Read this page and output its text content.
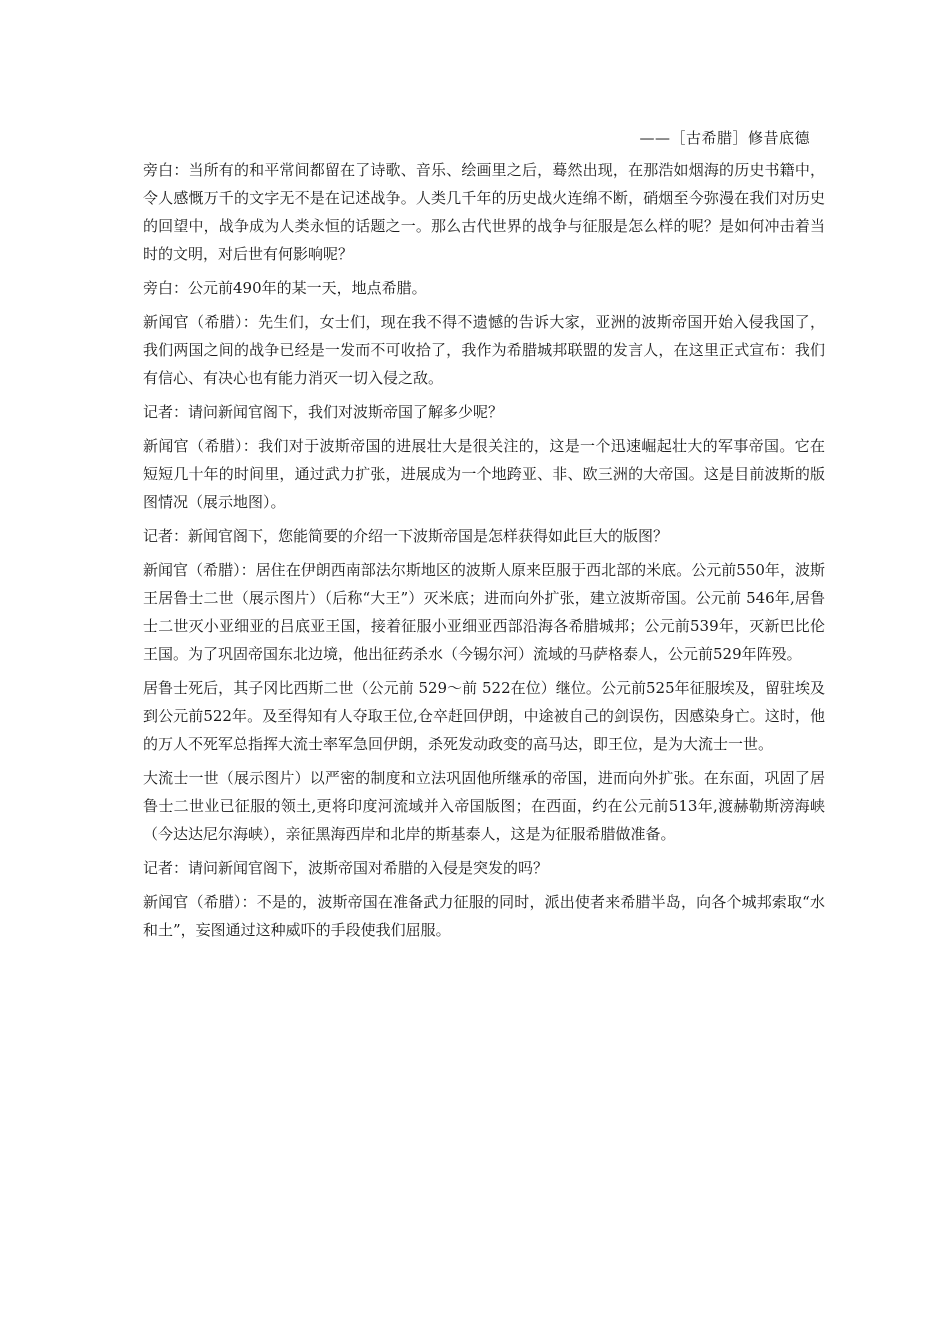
——［古希腊］修昔底德

旁白：当所有的和平常间都留在了诗歌、音乐、绘画里之后，蓦然出现，在那浩如烟海的历史书籍中，令人感慨万千的文字无不是在记述战争。人类几千年的历史战火连绵不断，硝烟至今弥漫在我们对历史的回望中，战争成为人类永恒的话题之一。那么古代世界的战争与征服是怎么样的呢？是如何冲击着当时的文明，对后世有何影响呢？

旁白：公元前490年的某一天，地点希腊。

新闻官（希腊）：先生们，女士们，现在我不得不遗憾的告诉大家，亚洲的波斯帝国开始入侵我国了，我们两国之间的战争已经是一发而不可收拾了，我作为希腊城邦联盟的发言人，在这里正式宣布：我们有信心、有决心也有能力消灭一切入侵之敌。

记者：请问新闻官阁下，我们对波斯帝国了解多少呢？

新闻官（希腊）：我们对于波斯帝国的进展壮大是很关注的，这是一个迅速崛起壮大的军事帝国。它在短短几十年的时间里，通过武力扩张，进展成为一个地跨亚、非、欧三洲的大帝国。这是目前波斯的版图情况（展示地图）。

记者：新闻官阁下，您能简要的介绍一下波斯帝国是怎样获得如此巨大的版图？

新闻官（希腊）：居住在伊朗西南部法尔斯地区的波斯人原来臣服于西北部的米底。公元前550年，波斯王居鲁士二世（展示图片）（后称“大王”）灭米底；进而向外扩张，建立波斯帝国。公元前 546年,居鲁士二世灭小亚细亚的吕底亚王国，接着征服小亚细亚西部沿海各希腊城邦；公元前539年，灭新巴比伦王国。为了巩固帝国东北边境，他出征药杀水（今锡尔河）流域的马萨格泰人，公元前529年阵殁。

居鲁士死后，其子冈比西斯二世（公元前 529～前 522在位）继位。公元前525年征服埃及，留驻埃及到公元前522年。及至得知有人夺取王位,仓卒赶回伊朗，中途被自己的剑误伤，因感染身亡。这时，他的万人不死军总指挥大流士率军急回伊朗，杀死发动政变的高马达，即王位，是为大流士一世。

大流士一世（展示图片）以严密的制度和立法巩固他所继承的帝国，进而向外扩张。在东面，巩固了居鲁士二世业已征服的领土,更将印度河流域并入帝国版图；在西面，约在公元前513年,渡赫勒斯滂海峡（今达达尼尔海峡），亲征黑海西岸和北岸的斯基泰人，这是为征服希腊做准备。

记者：请问新闻官阁下，波斯帝国对希腊的入侵是突发的吗？

新闻官（希腊）：不是的，波斯帝国在准备武力征服的同时，派出使者来希腊半岛，向各个城邦索取“水和土”，妄图通过这种威吓的手段使我们屈服。
